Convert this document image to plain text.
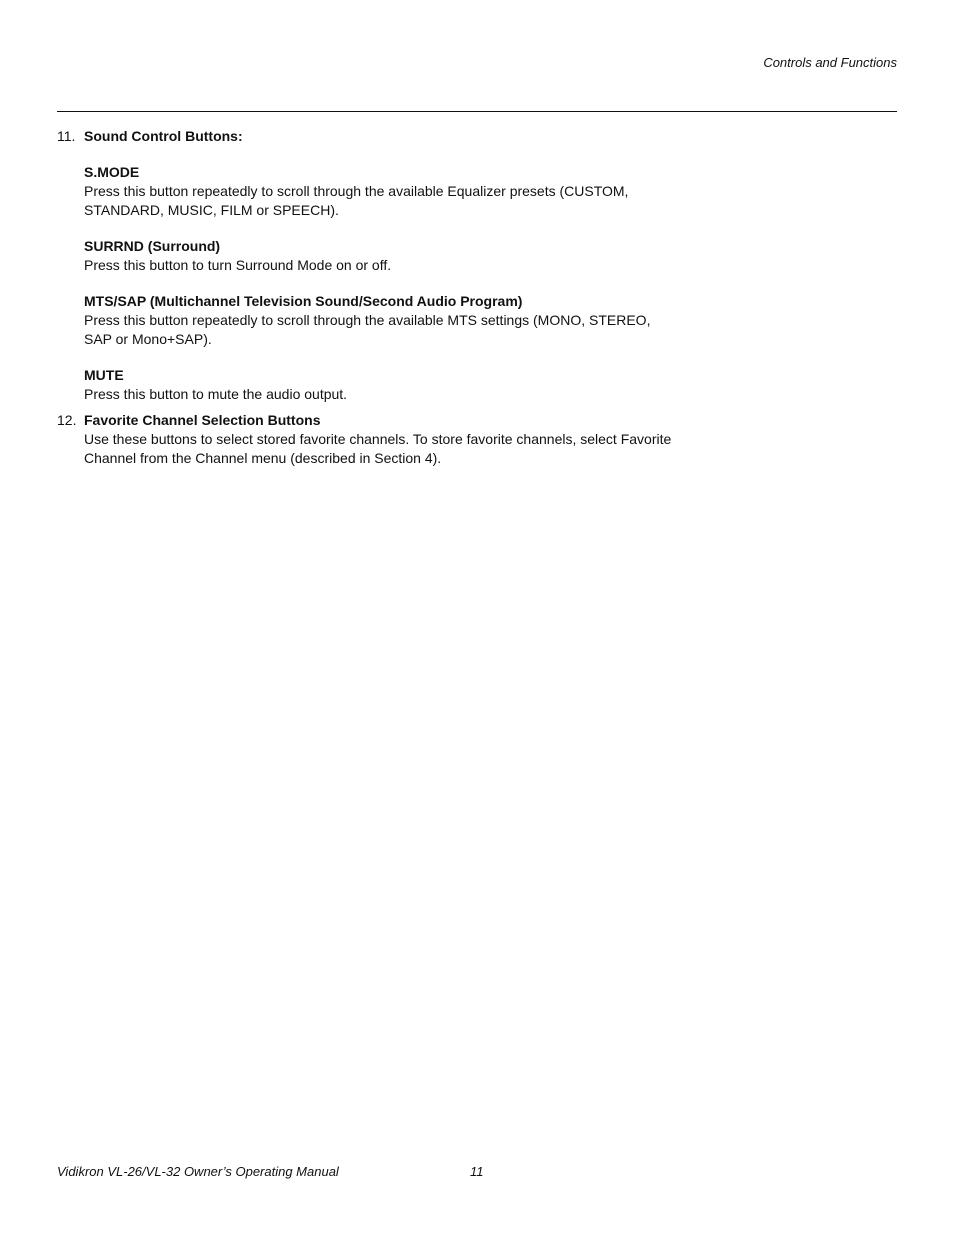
Controls and Functions
11. Sound Control Buttons:
S.MODE
Press this button repeatedly to scroll through the available Equalizer presets (CUSTOM, STANDARD, MUSIC, FILM or SPEECH).
SURRND (Surround)
Press this button to turn Surround Mode on or off.
MTS/SAP (Multichannel Television Sound/Second Audio Program)
Press this button repeatedly to scroll through the available MTS settings (MONO, STEREO, SAP or Mono+SAP).
MUTE
Press this button to mute the audio output.
12. Favorite Channel Selection Buttons
Use these buttons to select stored favorite channels. To store favorite channels, select Favorite Channel from the Channel menu (described in Section 4).
Vidikron VL-26/VL-32 Owner’s Operating Manual	11
